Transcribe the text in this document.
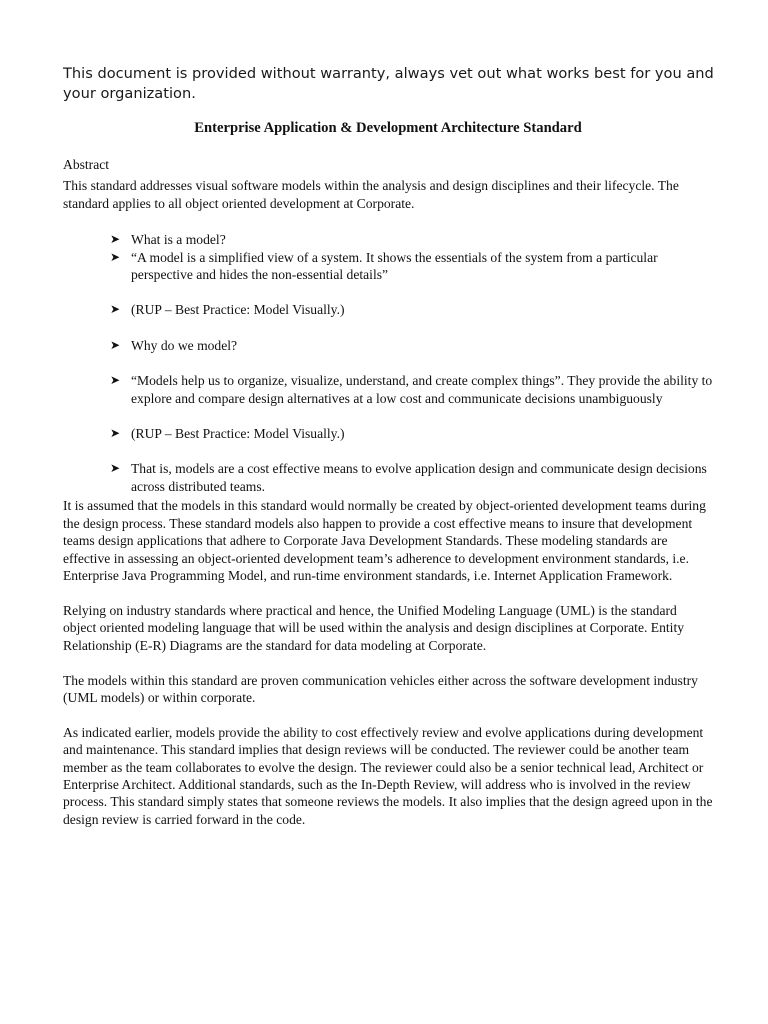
This document is provided without warranty, always vet out what works best for you and your organization.

Enterprise Application & Development Architecture Standard

Abstract

This standard addresses visual software models within the analysis and design disciplines and their lifecycle. The standard applies to all object oriented development at Corporate.

➤ What is a model?
➤ “A model is a simplified view of a system. It shows the essentials of the system from a particular perspective and hides the non-essential details”
➤ (RUP – Best Practice: Model Visually.)
➤ Why do we model?
➤ “Models help us to organize, visualize, understand, and create complex things”. They provide the ability to explore and compare design alternatives at a low cost and communicate decisions unambiguously
➤ (RUP – Best Practice: Model Visually.)
➤ That is, models are a cost effective means to evolve application design and communicate design decisions across distributed teams.

It is assumed that the models in this standard would normally be created by object-oriented development teams during the design process. These standard models also happen to provide a cost effective means to insure that development teams design applications that adhere to Corporate Java Development Standards. These modeling standards are effective in assessing an object-oriented development team’s adherence to development environment standards, i.e. Enterprise Java Programming Model, and run-time environment standards, i.e. Internet Application Framework.

Relying on industry standards where practical and hence, the Unified Modeling Language (UML) is the standard object oriented modeling language that will be used within the analysis and design disciplines at Corporate. Entity Relationship (E-R) Diagrams are the standard for data modeling at Corporate.

The models within this standard are proven communication vehicles either across the software development industry (UML models) or within corporate.

As indicated earlier, models provide the ability to cost effectively review and evolve applications during development and maintenance. This standard implies that design reviews will be conducted. The reviewer could be another team member as the team collaborates to evolve the design. The reviewer could also be a senior technical lead, Architect or Enterprise Architect. Additional standards, such as the In-Depth Review, will address who is involved in the review process. This standard simply states that someone reviews the models. It also implies that the design agreed upon in the design review is carried forward in the code.
